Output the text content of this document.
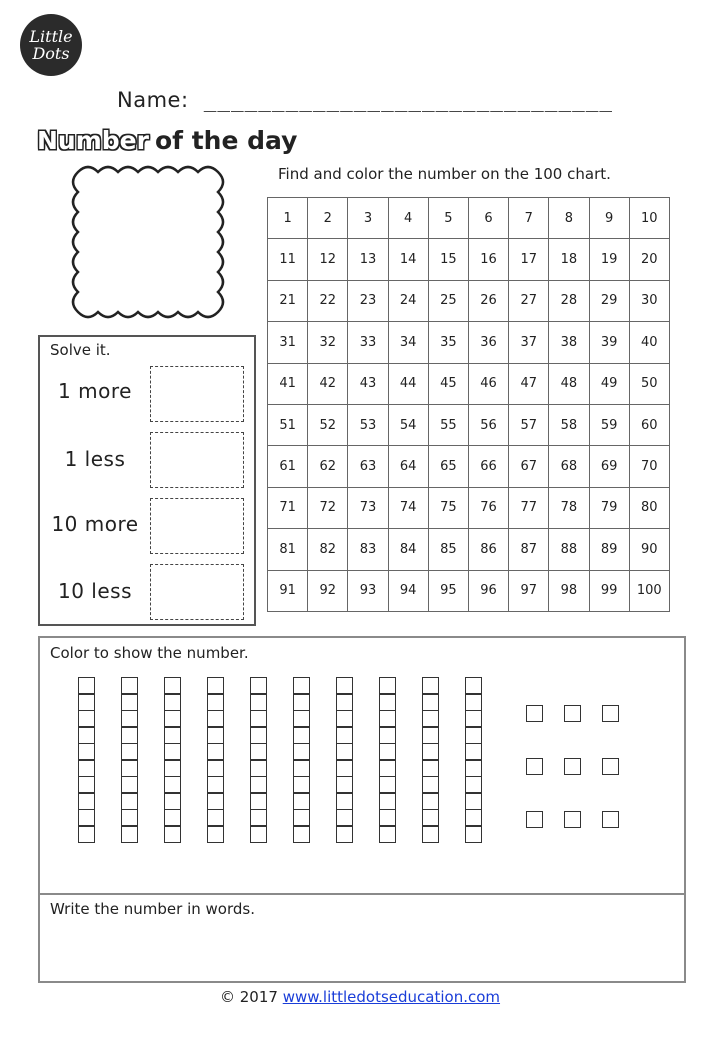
Little
Dots
Name: ______________________________
Number of the day
Solve it.
1 more
1 less
10 more
10 less
Find and color the number on the 100 chart.
1	2	3	4	5	6	7	8	9	10
11	12	13	14	15	16	17	18	19	20
21	22	23	24	25	26	27	28	29	30
31	32	33	34	35	36	37	38	39	40
41	42	43	44	45	46	47	48	49	50
51	52	53	54	55	56	57	58	59	60
61	62	63	64	65	66	67	68	69	70
71	72	73	74	75	76	77	78	79	80
81	82	83	84	85	86	87	88	89	90
91	92	93	94	95	96	97	98	99	100
Color to show the number.
Write the number in words.
© 2017 www.littledotseducation.com
